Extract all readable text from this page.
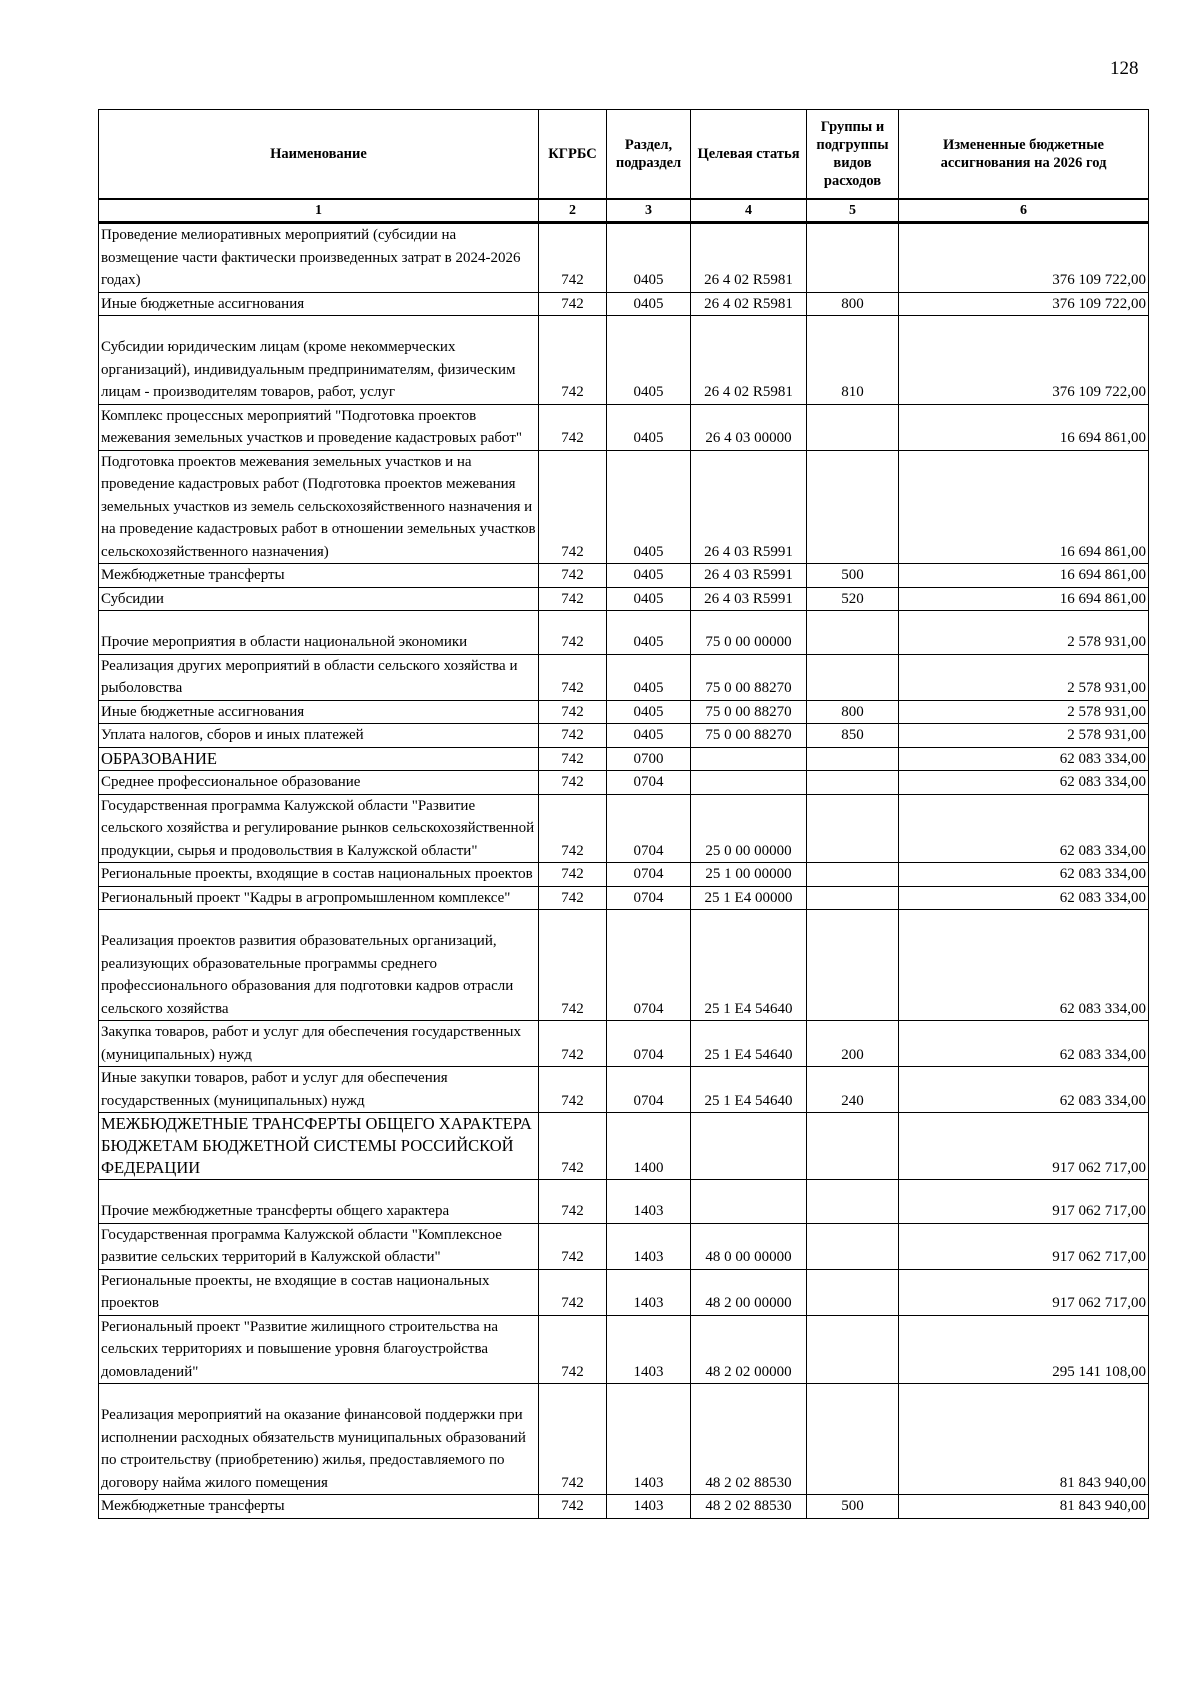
128
Наименование	КГРБС	Раздел, подраздел	Целевая статья	Группы и подгруппы видов расходов	Измененные бюджетные ассигнования на 2026 год
1	2	3	4	5	6
Проведение мелиоративных мероприятий (субсидии на возмещение части фактически произведенных затрат в 2024-2026 годах)	742	0405	26 4 02 R5981		376 109 722,00
Иные бюджетные ассигнования	742	0405	26 4 02 R5981	800	376 109 722,00
Субсидии юридическим лицам (кроме некоммерческих организаций), индивидуальным предпринимателям, физическим лицам - производителям товаров, работ, услуг	742	0405	26 4 02 R5981	810	376 109 722,00
Комплекс процессных мероприятий "Подготовка проектов межевания земельных участков и проведение кадастровых работ"	742	0405	26 4 03 00000		16 694 861,00
Подготовка проектов межевания земельных участков и на проведение кадастровых работ (Подготовка проектов межевания земельных участков из земель сельскохозяйственного назначения и на проведение кадастровых работ в отношении земельных участков сельскохозяйственного назначения)	742	0405	26 4 03 R5991		16 694 861,00
Межбюджетные трансферты	742	0405	26 4 03 R5991	500	16 694 861,00
Субсидии	742	0405	26 4 03 R5991	520	16 694 861,00
Прочие мероприятия в области национальной экономики	742	0405	75 0 00 00000		2 578 931,00
Реализация других мероприятий в области сельского хозяйства и рыболовства	742	0405	75 0 00 88270		2 578 931,00
Иные бюджетные ассигнования	742	0405	75 0 00 88270	800	2 578 931,00
Уплата налогов, сборов и иных платежей	742	0405	75 0 00 88270	850	2 578 931,00
ОБРАЗОВАНИЕ	742	0700			62 083 334,00
Среднее профессиональное образование	742	0704			62 083 334,00
Государственная программа Калужской области "Развитие сельского хозяйства и регулирование рынков сельскохозяйственной продукции, сырья и продовольствия в Калужской области"	742	0704	25 0 00 00000		62 083 334,00
Региональные проекты, входящие в состав национальных проектов	742	0704	25 1 00 00000		62 083 334,00
Региональный проект "Кадры в агропромышленном комплексе"	742	0704	25 1 E4 00000		62 083 334,00
Реализация проектов развития образовательных организаций, реализующих образовательные программы среднего профессионального образования для подготовки кадров отрасли сельского хозяйства	742	0704	25 1 E4 54640		62 083 334,00
Закупка товаров, работ и услуг для обеспечения государственных (муниципальных) нужд	742	0704	25 1 E4 54640	200	62 083 334,00
Иные закупки товаров, работ и услуг для обеспечения государственных (муниципальных) нужд	742	0704	25 1 E4 54640	240	62 083 334,00
МЕЖБЮДЖЕТНЫЕ ТРАНСФЕРТЫ ОБЩЕГО ХАРАКТЕРА БЮДЖЕТАМ БЮДЖЕТНОЙ СИСТЕМЫ РОССИЙСКОЙ ФЕДЕРАЦИИ	742	1400			917 062 717,00
Прочие межбюджетные трансферты общего характера	742	1403			917 062 717,00
Государственная программа Калужской области "Комплексное развитие сельских территорий в Калужской области"	742	1403	48 0 00 00000		917 062 717,00
Региональные проекты, не входящие в состав национальных проектов	742	1403	48 2 00 00000		917 062 717,00
Региональный проект "Развитие жилищного строительства на сельских территориях и повышение уровня благоустройства домовладений"	742	1403	48 2 02 00000		295 141 108,00
Реализация мероприятий на оказание финансовой поддержки при исполнении расходных обязательств муниципальных образований по строительству (приобретению) жилья, предоставляемого по договору найма жилого помещения	742	1403	48 2 02 88530		81 843 940,00
Межбюджетные трансферты	742	1403	48 2 02 88530	500	81 843 940,00
